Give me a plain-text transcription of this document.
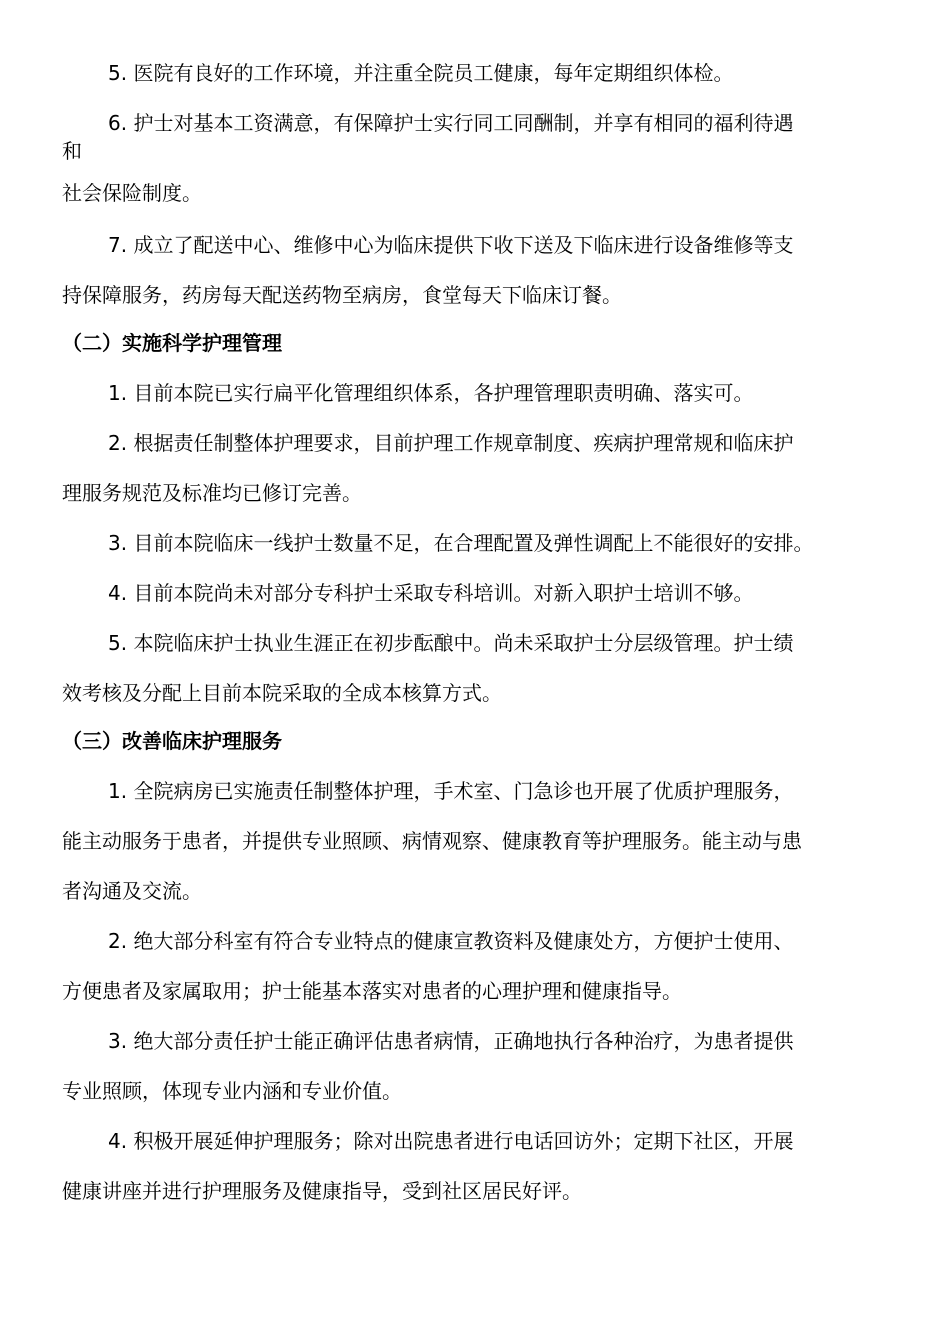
5. 医院有良好的工作环境，并注重全院员工健康，每年定期组织体检。
6. 护士对基本工资满意，有保障护士实行同工同酬制，并享有相同的福利待遇
和
社会保险制度。
7. 成立了配送中心、维修中心为临床提供下收下送及下临床进行设备维修等支
持保障服务，药房每天配送药物至病房，食堂每天下临床订餐。
（二）实施科学护理管理
1. 目前本院已实行扁平化管理组织体系，各护理管理职责明确、落实可。
2. 根据责任制整体护理要求，目前护理工作规章制度、疾病护理常规和临床护
理服务规范及标准均已修订完善。
3. 目前本院临床一线护士数量不足，在合理配置及弹性调配上不能很好的安排。
4. 目前本院尚未对部分专科护士采取专科培训。对新入职护士培训不够。
5. 本院临床护士执业生涯正在初步酝酿中。尚未采取护士分层级管理。护士绩
效考核及分配上目前本院采取的全成本核算方式。
（三）改善临床护理服务
1. 全院病房已实施责任制整体护理，手术室、门急诊也开展了优质护理服务，
能主动服务于患者，并提供专业照顾、病情观察、健康教育等护理服务。能主动与患
者沟通及交流。
2. 绝大部分科室有符合专业特点的健康宣教资料及健康处方，方便护士使用、
方便患者及家属取用；护士能基本落实对患者的心理护理和健康指导。
3. 绝大部分责任护士能正确评估患者病情，正确地执行各种治疗，为患者提供
专业照顾，体现专业内涵和专业价值。
4. 积极开展延伸护理服务；除对出院患者进行电话回访外；定期下社区，开展
健康讲座并进行护理服务及健康指导，受到社区居民好评。
